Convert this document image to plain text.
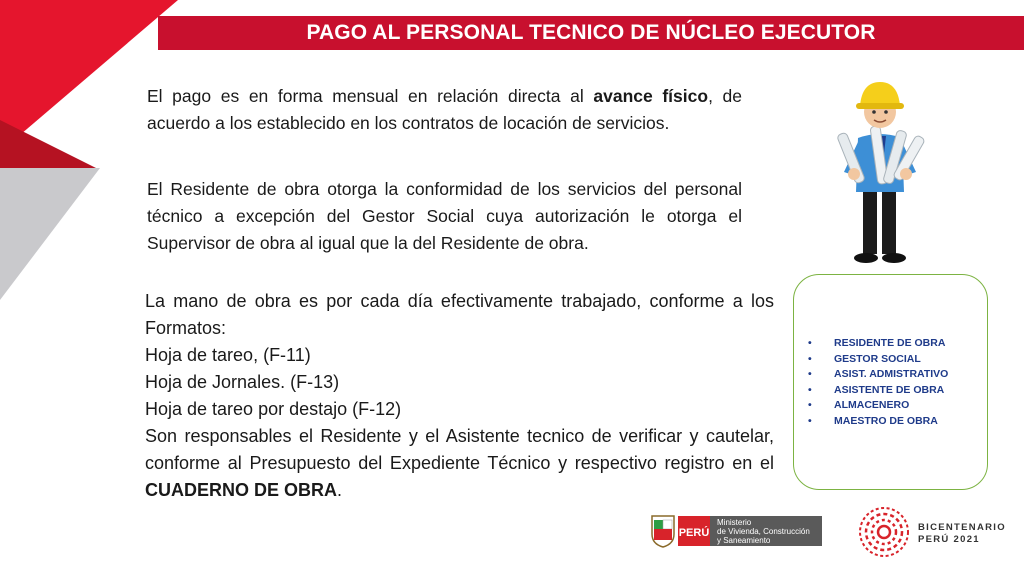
PAGO AL PERSONAL TECNICO DE NÚCLEO EJECUTOR

El pago es en forma mensual en relación directa al avance físico, de acuerdo a los establecido en los contratos de locación de servicios.

El Residente de obra otorga la conformidad de los servicios del personal técnico a excepción del Gestor Social cuya autorización le otorga el Supervisor de obra al igual que la del Residente de obra.

La mano de obra es por cada día efectivamente trabajado, conforme a los Formatos:
Hoja de tareo, (F-11)
Hoja de Jornales. (F-13)
Hoja de tareo por destajo (F-12)
Son responsables el Residente y el Asistente tecnico de verificar y cautelar, conforme al Presupuesto del Expediente Técnico y respectivo registro en el CUADERNO DE OBRA.
• RESIDENTE DE OBRA
• GESTOR SOCIAL
• ASIST. ADMISTRATIVO
• ASISTENTE DE OBRA
• ALMACENERO
• MAESTRO DE OBRA
PERÚ
Ministerio
de Vivienda, Construcción
y Saneamiento
BICENTENARIO
PERÚ 2021
